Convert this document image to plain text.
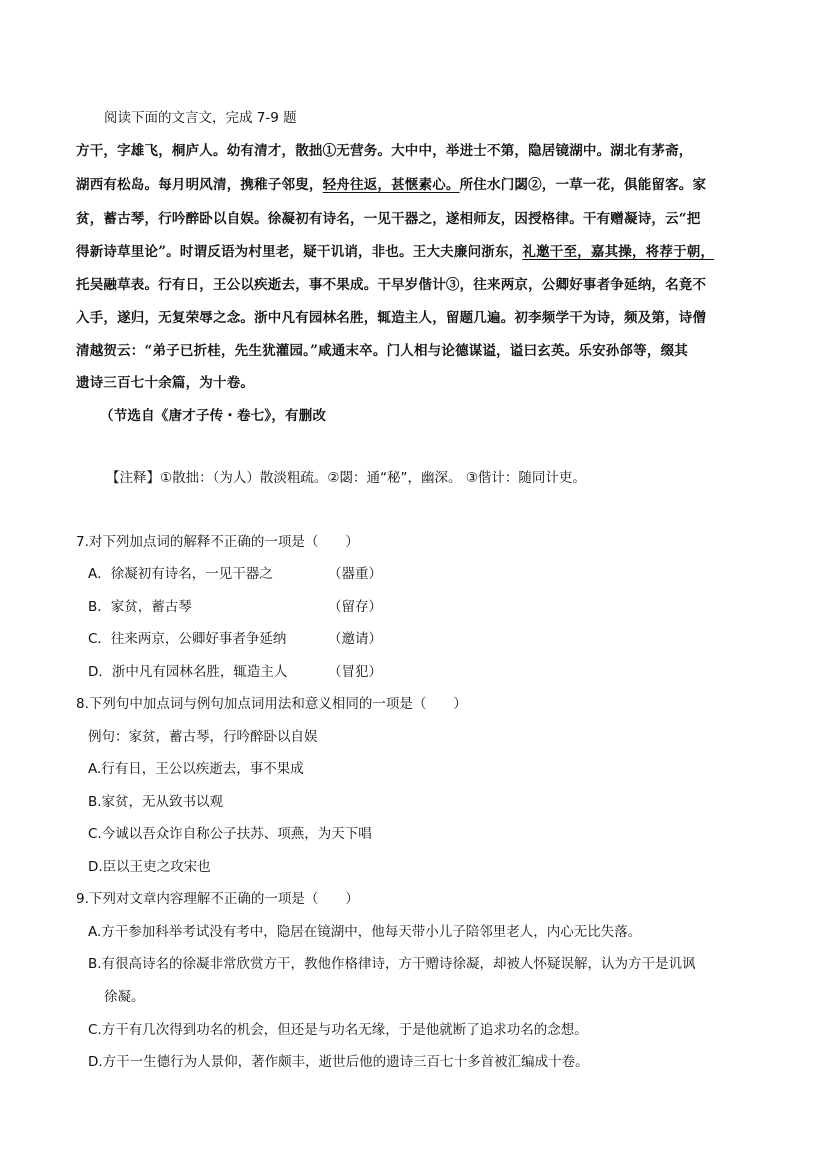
阅读下面的文言文，完成 7-9 题
方干，字雄飞，桐庐人。幼有清才，散拙①无营务。大中中，举进士不第，隐居镜湖中。湖北有茅斋，
湖西有松岛。每月明风清，携稚子邻叟，轻舟往返，甚惬素心。所住水门閟②，一草一花，俱能留客。家
贫，蓄古琴，行吟醉卧以自娱。徐凝初有诗名，一见干器之，遂相师友，因授格律。干有赠凝诗，云“把
得新诗草里论”。时谓反语为村里老，疑干讥诮，非也。王大夫廉问浙东，礼邀干至，嘉其操，将荐于朝，
托吴融草表。行有日，王公以疾逝去，事不果成。干早岁偕计③，往来两京，公卿好事者争延纳，名竟不
入手，遂归，无复荣辱之念。浙中凡有园林名胜，辄造主人，留题几遍。初李频学干为诗，频及第，诗僧
清越贺云：“弟子已折桂，先生犹灌园。”咸通末卒。门人相与论德谋谥，谥曰玄英。乐安孙郃等，缀其
遗诗三百七十余篇，为十卷。
（节选自《唐才子传・卷七》，有删改
【注释】①散拙：（为人）散淡粗疏。②閟：通“秘”，幽深。 ③偕计：随同计吏。
7.对下列加点词的解释不正确的一项是（　　）
A．徐凝初有诗名，一见干器之	（器重）
B．家贫，蓄古琴	（留存）
C．往来两京，公卿好事者争延纳	（邀请）
D．浙中凡有园林名胜，辄造主人	（冒犯）
8.下列句中加点词与例句加点词用法和意义相同的一项是（　　）
例句：家贫，蓄古琴，行吟醉卧以自娱
A.行有日，王公以疾逝去，事不果成
B.家贫，无从致书以观
C.今诚以吾众诈自称公子扶苏、项燕，为天下唱
D.臣以王吏之攻宋也
9.下列对文章内容理解不正确的一项是（　　）
A.方干参加科举考试没有考中，隐居在镜湖中，他每天带小儿子陪邻里老人，内心无比失落。
B.有很高诗名的徐凝非常欣赏方干，教他作格律诗，方干赠诗徐凝，却被人怀疑误解，认为方干是讥讽
徐凝。
C.方干有几次得到功名的机会，但还是与功名无缘，于是他就断了追求功名的念想。
D.方干一生德行为人景仰，著作颇丰，逝世后他的遗诗三百七十多首被汇编成十卷。
